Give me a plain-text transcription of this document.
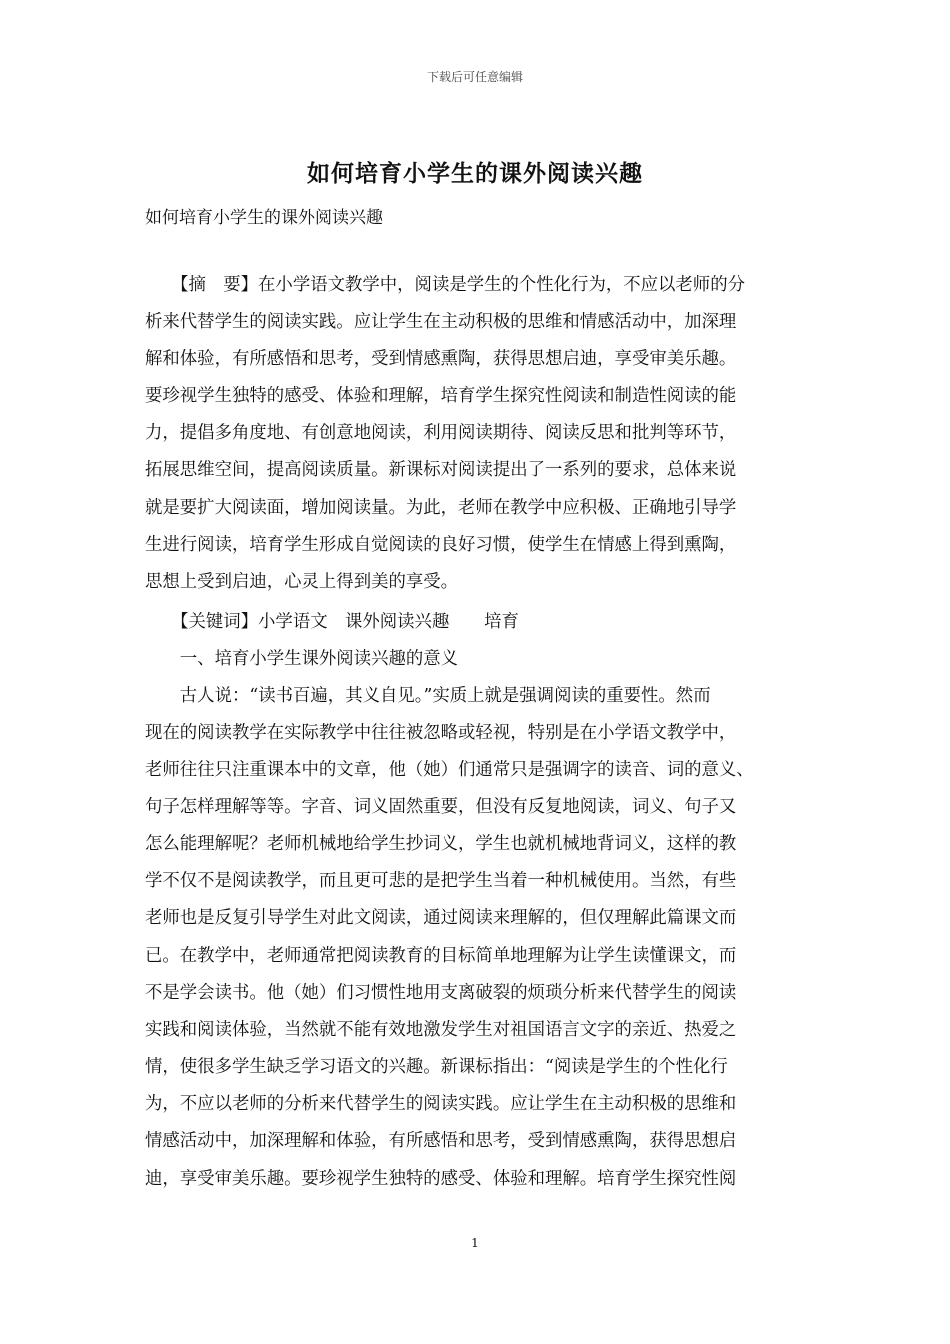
下载后可任意编辑
如何培育小学生的课外阅读兴趣
如何培育小学生的课外阅读兴趣
　　【摘　要】在小学语文教学中，阅读是学生的个性化行为，不应以老师的分
析来代替学生的阅读实践。应让学生在主动积极的思维和情感活动中，加深理
解和体验，有所感悟和思考，受到情感熏陶，获得思想启迪，享受审美乐趣。
要珍视学生独特的感受、体验和理解，培育学生探究性阅读和制造性阅读的能
力，提倡多角度地、有创意地阅读，利用阅读期待、阅读反思和批判等环节，
拓展思维空间，提高阅读质量。新课标对阅读提出了一系列的要求，总体来说
就是要扩大阅读面，增加阅读量。为此，老师在教学中应积极、正确地引导学
生进行阅读，培育学生形成自觉阅读的良好习惯，使学生在情感上得到熏陶，
思想上受到启迪，心灵上得到美的享受。
　　【关键词】小学语文　课外阅读兴趣　　培育
　　一、培育小学生课外阅读兴趣的意义
　　古人说：“读书百遍，其义自见。”实质上就是强调阅读的重要性。然而
现在的阅读教学在实际教学中往往被忽略或轻视，特别是在小学语文教学中，
老师往往只注重课本中的文章，他（她）们通常只是强调字的读音、词的意义、
句子怎样理解等等。字音、词义固然重要，但没有反复地阅读，词义、句子又
怎么能理解呢？老师机械地给学生抄词义，学生也就机械地背词义，这样的教
学不仅不是阅读教学，而且更可悲的是把学生当着一种机械使用。当然，有些
老师也是反复引导学生对此文阅读，通过阅读来理解的，但仅理解此篇课文而
已。在教学中，老师通常把阅读教育的目标简单地理解为让学生读懂课文，而
不是学会读书。他（她）们习惯性地用支离破裂的烦琐分析来代替学生的阅读
实践和阅读体验，当然就不能有效地激发学生对祖国语言文字的亲近、热爱之
情，使很多学生缺乏学习语文的兴趣。新课标指出：“阅读是学生的个性化行
为，不应以老师的分析来代替学生的阅读实践。应让学生在主动积极的思维和
情感活动中，加深理解和体验，有所感悟和思考，受到情感熏陶，获得思想启
迪，享受审美乐趣。要珍视学生独特的感受、体验和理解。培育学生探究性阅
1
